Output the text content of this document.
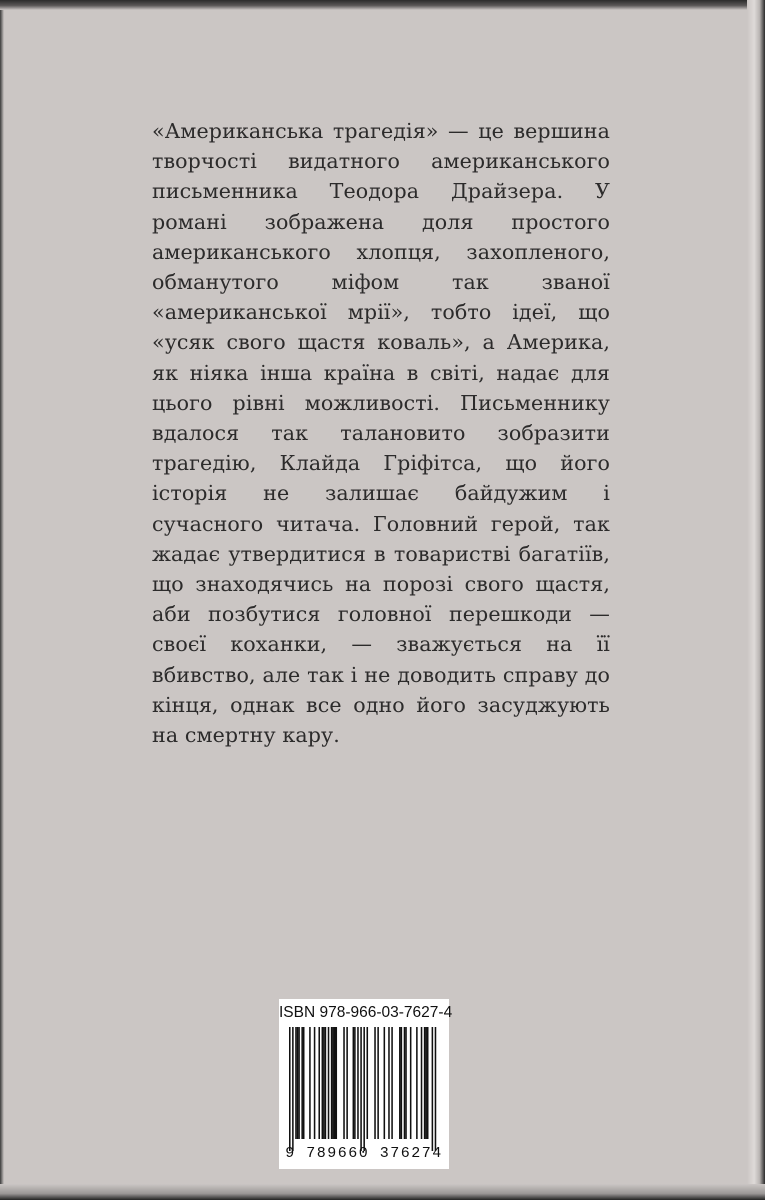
«Американська трагедія» — це вершина творчості видатного американського письменника Теодора Драйзера. У романі зображена доля простого американського хлопця, захопленого, обманутого міфом так званої «американської мрії», тобто ідеї, що «усяк свого щастя коваль», а Америка, як ніяка інша країна в світі, надає для цього рівні можливості. Письменнику вдалося так талановито зобразити трагедію, Клайда Гріфітса, що його історія не залишає байдужим і сучасного читача. Головний герой, так жадає утвердитися в товаристві багатіїв, що знаходячись на порозі свого щастя, аби позбутися головної перешкоди — своєї коханки, — зважується на її вбивство, але так і не доводить справу до кінця, однак все одно його засуджують на смертну кару.

ISBN 978-966-03-7627-4
9 789660 376274
